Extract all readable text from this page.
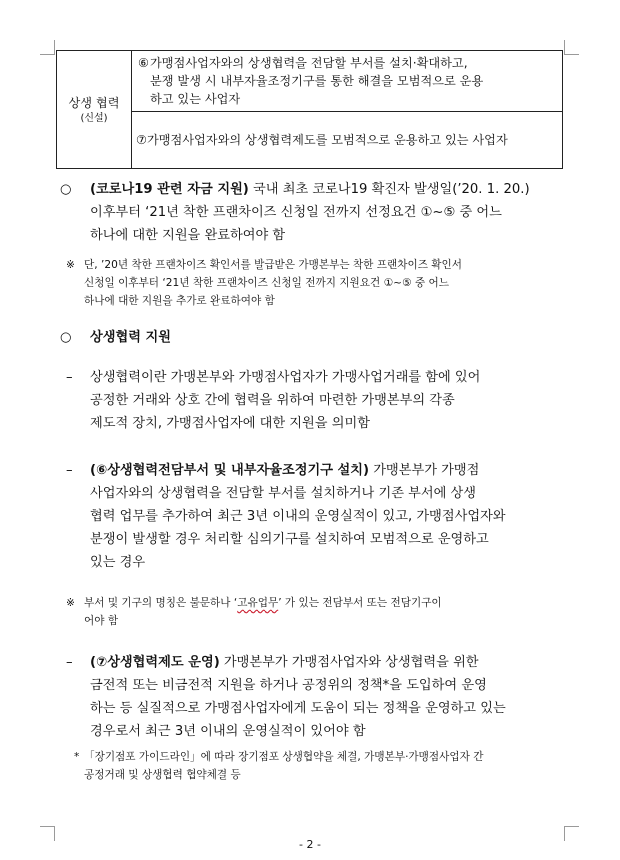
상생 협력
(신설)

⑥ 가맹점사업자와의 상생협력을 전담할 부서를 설치·확대하고,
분쟁 발생 시 내부자율조정기구를 통한 해결을 모범적으로 운용
하고 있는 사업자

⑦가맹점사업자와의 상생협력제도를 모범적으로 운용하고 있는 사업자
○	(코로나19 관련 자금 지원) 국내 최초 코로나19 확진자 발생일(’20. 1. 20.)
이후부터 ‘21년 착한 프랜차이즈 신청일 전까지 선정요건 ①~⑤ 중 어느
하나에 대한 지원을 완료하여야 함
※ 단, ’20년 착한 프랜차이즈 확인서를 발급받은 가맹본부는 착한 프랜차이즈 확인서
신청일 이후부터 ‘21년 착한 프랜차이즈 신청일 전까지 지원요건 ①~⑤ 중 어느
하나에 대한 지원을 추가로 완료하여야 함
○	상생협력 지원
–	상생협력이란 가맹본부와 가맹점사업자가 가맹사업거래를 함에 있어
공정한 거래와 상호 간에 협력을 위하여 마련한 가맹본부의 각종
제도적 장치, 가맹점사업자에 대한 지원을 의미함
–	(⑥상생협력전담부서 및 내부자율조정기구 설치) 가맹본부가 가맹점
사업자와의 상생협력을 전담할 부서를 설치하거나 기존 부서에 상생
협력 업무를 추가하여 최근 3년 이내의 운영실적이 있고, 가맹점사업자와
분쟁이 발생할 경우 처리할 심의기구를 설치하여 모범적으로 운영하고
있는 경우
※ 부서 및 기구의 명칭은 불문하나 ‘고유업무’ 가 있는 전담부서 또는 전담기구이
어야 함
–	(⑦상생협력제도 운영) 가맹본부가 가맹점사업자와 상생협력을 위한
금전적 또는 비금전적 지원을 하거나 공정위의 정책*을 도입하여 운영
하는 등 실질적으로 가맹점사업자에게 도움이 되는 정책을 운영하고 있는
경우로서 최근 3년 이내의 운영실적이 있어야 함
* 「장기점포 가이드라인」에 따라 장기점포 상생협약을 체결, 가맹본부·가맹점사업자 간
공정거래 및 상생협력 협약체결 등
- 2 -
